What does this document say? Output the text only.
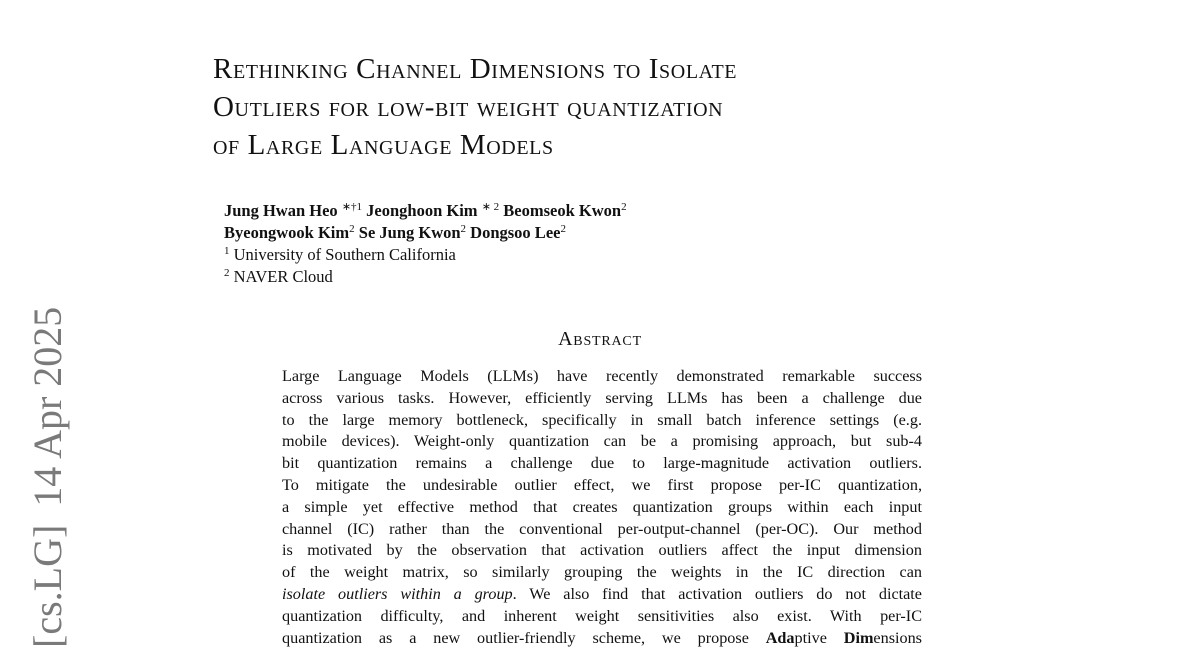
[cs.LG]14 Apr 2025
Rethinking Channel Dimensions to Isolate
Outliers for low-bit weight quantization
of Large Language Models
Jung Hwan Heo $^{∗\dagger 1}$ Jeonghoon Kim $^{∗ 2}$ Beomseok Kwon$^2$
Byeongwook Kim$^2$ Se Jung Kwon$^2$ Dongsoo Lee$^2$
$^1$ University of Southern California
$^2$ NAVER Cloud
Abstract
Large Language Models (LLMs) have recently demonstrated remarkable success
across various tasks. However, efficiently serving LLMs has been a challenge due
to the large memory bottleneck, specifically in small batch inference settings (e.g.
mobile devices). Weight-only quantization can be a promising approach, but sub-4
bit quantization remains a challenge due to large-magnitude activation outliers.
To mitigate the undesirable outlier effect, we first propose per-IC quantization,
a simple yet effective method that creates quantization groups within each input
channel (IC) rather than the conventional per-output-channel (per-OC). Our method
is motivated by the observation that activation outliers affect the input dimension
of the weight matrix, so similarly grouping the weights in the IC direction can
isolate outliers within a group. We also find that activation outliers do not dictate
quantization difficulty, and inherent weight sensitivities also exist. With per-IC
quantization as a new outlier-friendly scheme, we propose Adaptive Dimensions
